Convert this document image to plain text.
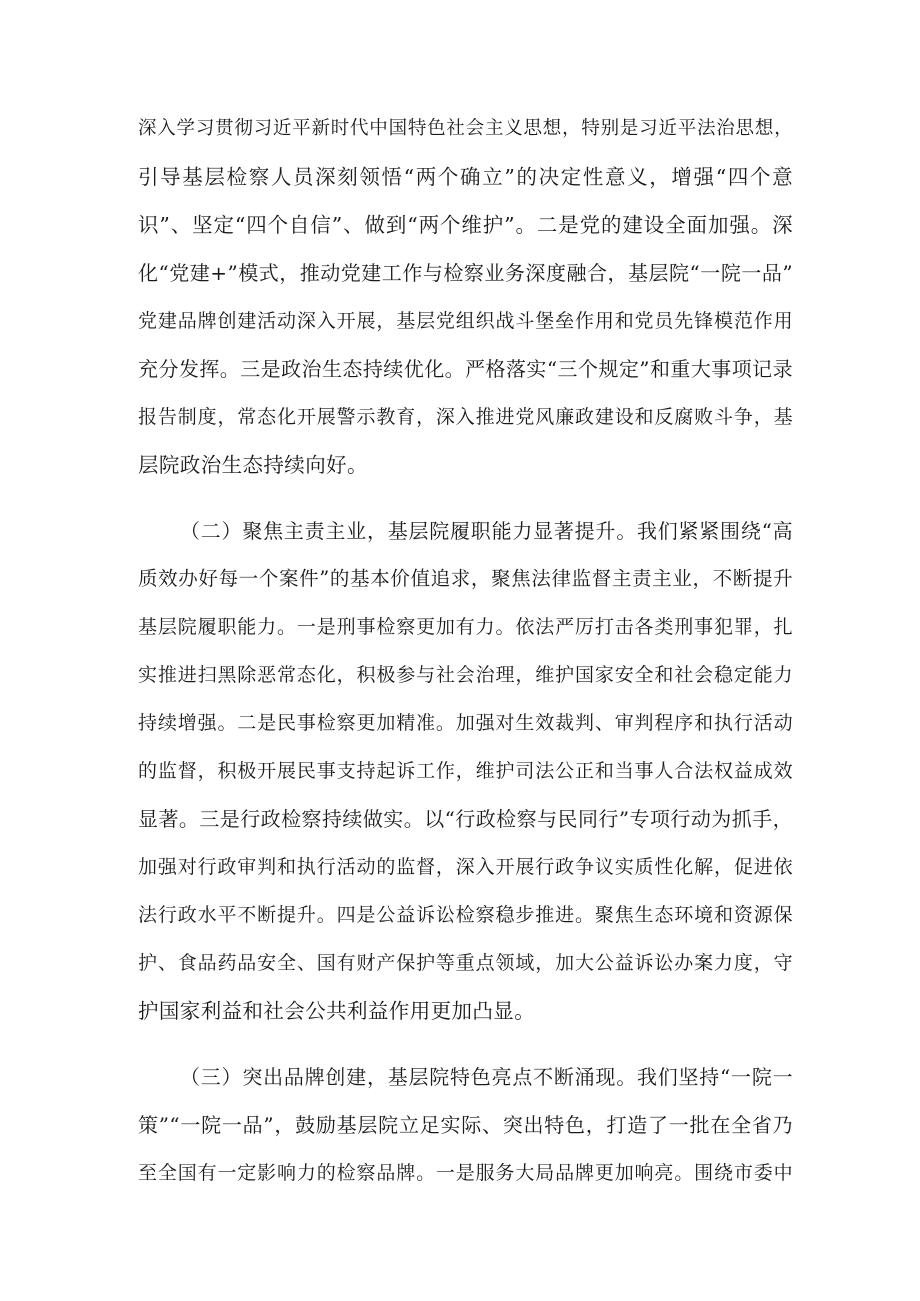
深入学习贯彻习近平新时代中国特色社会主义思想，特别是习近平法治思想，
引导基层检察人员深刻领悟“两个确立”的决定性意义，增强“四个意
识”、坚定“四个自信”、做到“两个维护”。二是党的建设全面加强。深
化“党建+”模式，推动党建工作与检察业务深度融合，基层院“一院一品”
党建品牌创建活动深入开展，基层党组织战斗堡垒作用和党员先锋模范作用
充分发挥。三是政治生态持续优化。严格落实“三个规定”和重大事项记录
报告制度，常态化开展警示教育，深入推进党风廉政建设和反腐败斗争，基
层院政治生态持续向好。
（二）聚焦主责主业，基层院履职能力显著提升。我们紧紧围绕“高
质效办好每一个案件”的基本价值追求，聚焦法律监督主责主业，不断提升
基层院履职能力。一是刑事检察更加有力。依法严厉打击各类刑事犯罪，扎
实推进扫黑除恶常态化，积极参与社会治理，维护国家安全和社会稳定能力
持续增强。二是民事检察更加精准。加强对生效裁判、审判程序和执行活动
的监督，积极开展民事支持起诉工作，维护司法公正和当事人合法权益成效
显著。三是行政检察持续做实。以“行政检察与民同行”专项行动为抓手，
加强对行政审判和执行活动的监督，深入开展行政争议实质性化解，促进依
法行政水平不断提升。四是公益诉讼检察稳步推进。聚焦生态环境和资源保
护、食品药品安全、国有财产保护等重点领域，加大公益诉讼办案力度，守
护国家利益和社会公共利益作用更加凸显。
（三）突出品牌创建，基层院特色亮点不断涌现。我们坚持“一院一
策”“一院一品”，鼓励基层院立足实际、突出特色，打造了一批在全省乃
至全国有一定影响力的检察品牌。一是服务大局品牌更加响亮。围绕市委中
